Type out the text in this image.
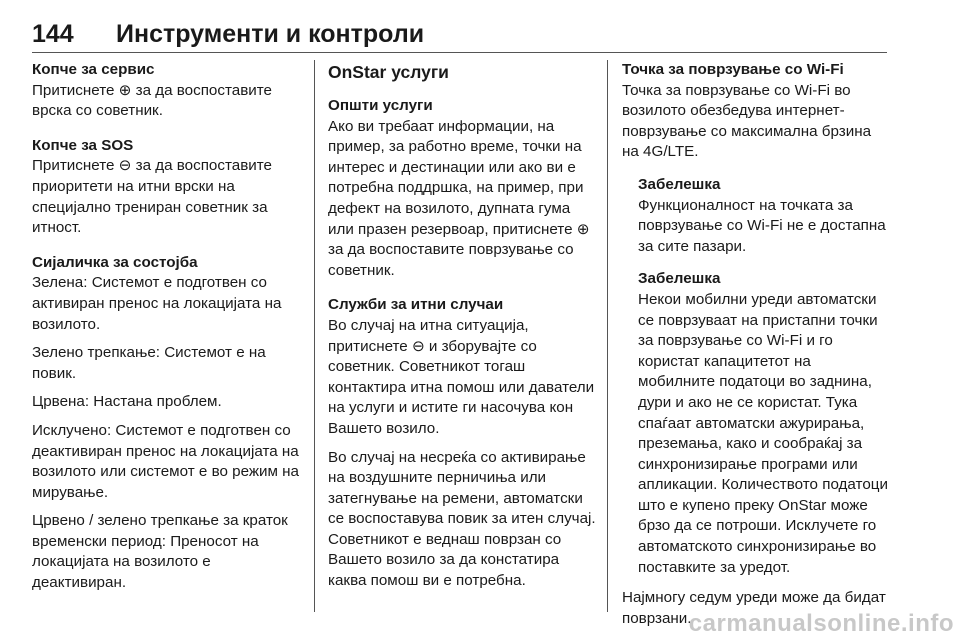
144 Инструменти и контроли
Копче за сервис

Притиснете ⊕ за да воспоставите врска со советник.

Копче за SOS

Притиснете ⊖ за да воспоставите приоритети на итни врски на специјално трениран советник за итност.

Сијаличка за состојба

Зелена: Системот е подготвен со активиран пренос на локацијата на возилото.

Зелено трепкање: Системот е на повик.

Црвена: Настана проблем.

Исклучено: Системот е подготвен со деактивиран пренос на локацијата на возилото или системот е во режим на мирување.

Црвено / зелено трепкање за краток временски период: Преносот на локацијата на возилото е деактивиран.

OnStar услуги
Општи услуги

Ако ви требаат информации, на пример, за работно време, точки на интерес и дестинации или ако ви е потребна поддршка, на пример, при дефект на возилото, дупната гума или празен резервоар, притиснете ⊕ за да воспоставите поврзување со советник.

Служби за итни случаи

Во случај на итна ситуација, притиснете ⊖ и зборувајте со советник. Советникот тогаш контактира итна помош или даватели на услуги и истите ги насочува кон Вашето возило.

Во случај на несреќа со активирање на воздушните перничиња или затегнување на ремени, автоматски се воспоставува повик за итен случај. Советникот е веднаш поврзан со Вашето возило за да констатира каква помош ви е потребна.

Точка за поврзување со Wi-Fi

Точка за поврзување со Wi-Fi во возилото обезбедува интернет-поврзување со максимална брзина на 4G/LTE.

Забелешка

Функционалност на точката за поврзување со Wi-Fi не е достапна за сите пазари.

Забелешка

Некои мобилни уреди автоматски се поврзуваат на пристапни точки за поврзување со Wi-Fi и го користат капацитетот на мобилните податоци во заднина, дури и ако не се користат. Тука спаѓаат автоматски ажурирања, преземања, како и сообраќај за синхронизирање програми или апликации. Количеството податоци што е купено преку OnStar може брзо да се потроши. Исклучете го автоматското синхронизирање во поставките за уредот.

Најмногу седум уреди може да бидат поврзани.

carmanualsonline.info
